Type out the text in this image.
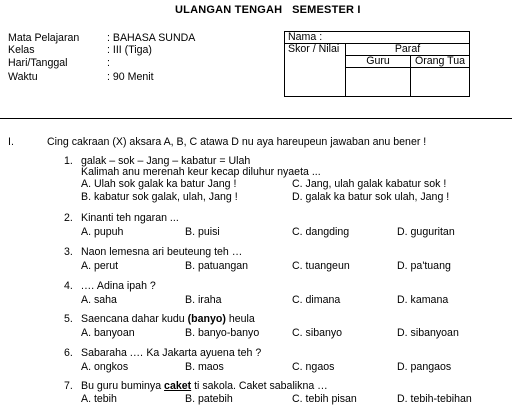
ULANGAN TENGAH   SEMESTER I
Mata Pelajaran	: BAHASA SUNDA
Kelas	: III (Tiga)
Hari/Tanggal	:
Waktu	: 90 Menit
Nama :		
Skor / Nilai	Paraf	
	Guru	Orang Tua

I.	Cing cakraan (X) aksara A, B, C atawa D nu aya hareupeun jawaban anu bener !
1. galak – sok – Jang – kabatur = Ulah
Kalimah anu merenah keur kecap diluhur nyaeta ...
A. Ulah sok galak ka batur Jang !	C. Jang, ulah galak kabatur sok !
B. kabatur sok galak, ulah, Jang !	D. galak ka batur sok ulah, Jang !
2. Kinanti teh ngaran ...
A. pupuh	B. puisi	C. dangding	D. guguritan
3. Naon lemesna ari beuteung teh …
A. perut	B. patuangan	C. tuangeun	D. pa'tuang
4. .… Adina ipah ?
A. saha	B. iraha	C. dimana	D. kamana
5. Saencana dahar kudu (banyo) heula
A. banyoan	B. banyo-banyo	C. sibanyo	D. sibanyoan
6. Sabaraha .… Ka Jakarta ayuena teh ?
A. ongkos	B. maos	C. ngaos	D. pangaos
7. Bu guru buminya caket ti sakola. Caket sabalikna …
A. tebih	B. patebih	C. tebih pisan	D. tebih-tebihan
